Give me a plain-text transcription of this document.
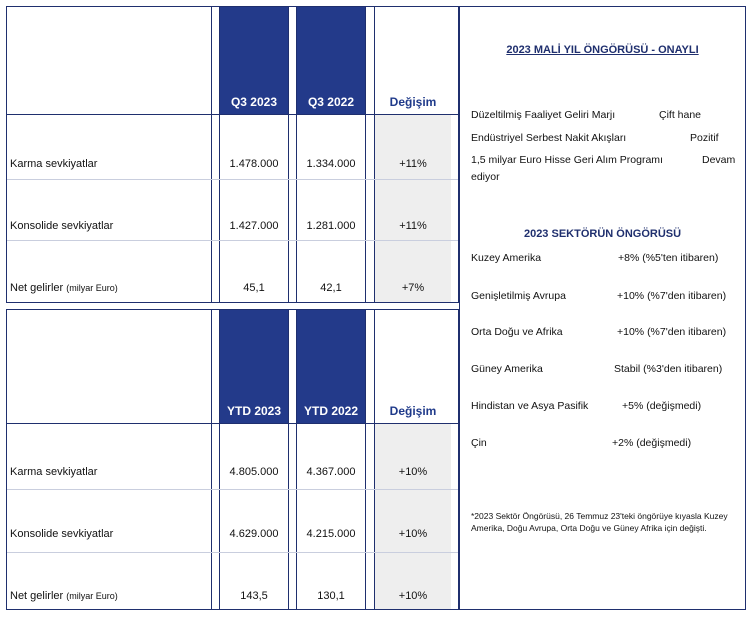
Q3 2023	Q3 2022	Değişim
Karma sevkiyatlar	1.478.000	1.334.000	+11%
Konsolide sevkiyatlar	1.427.000	1.281.000	+11%
Net gelirler (milyar Euro)	45,1	42,1	+7%
YTD 2023	YTD 2022	Değişim
Karma sevkiyatlar	4.805.000	4.367.000	+10%
Konsolide sevkiyatlar	4.629.000	4.215.000	+10%
Net gelirler (milyar Euro)	143,5	130,1	+10%
2023 MALİ YIL ÖNGÖRÜSÜ - ONAYLI
Düzeltilmiş Faaliyet Geliri Marjı	Çift hane
Endüstriyel Serbest Nakit Akışları	Pozitif
1,5 milyar Euro Hisse Geri Alım Programı	Devam
ediyor
2023 SEKTÖRÜN ÖNGÖRÜSÜ
Kuzey Amerika	+8% (%5'ten itibaren)
Genişletilmiş Avrupa	+10% (%7'den itibaren)
Orta Doğu ve Afrika	+10% (%7'den itibaren)
Güney Amerika	Stabil (%3'den itibaren)
Hindistan ve Asya Pasifik	+5% (değişmedi)
Çin	+2% (değişmedi)
*2023 Sektör Öngörüsü, 26 Temmuz 23'teki öngörüye kıyasla Kuzey Amerika, Doğu Avrupa, Orta Doğu ve Güney Afrika için değişti.
